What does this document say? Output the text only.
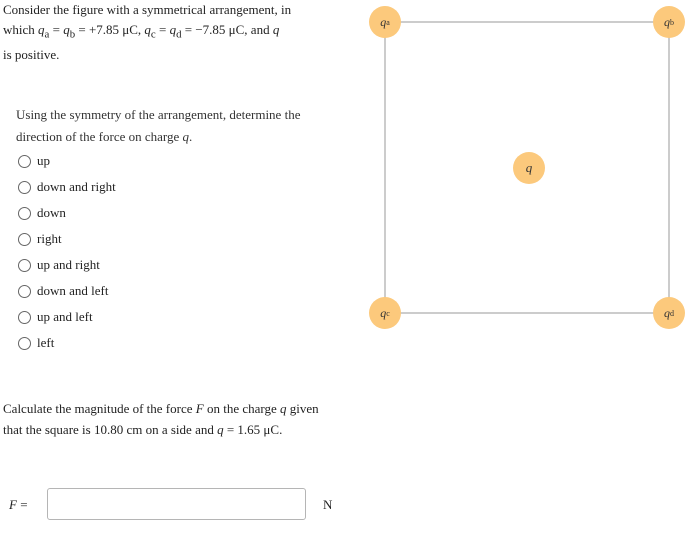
Consider the figure with a symmetrical arrangement, in
which $q_a = q_b = +7.85$ μC, $q_c = q_d = -7.85$ μC, and q
is positive.
Using the symmetry of the arrangement, determine the
direction of the force on charge q.
up
down and right
down
right
up and right
down and left
up and left
left
Calculate the magnitude of the force F on the charge q given
that the square is 10.80 cm on a side and q = 1.65 μC.
F =	N
q a	q b
q c	q d
q
